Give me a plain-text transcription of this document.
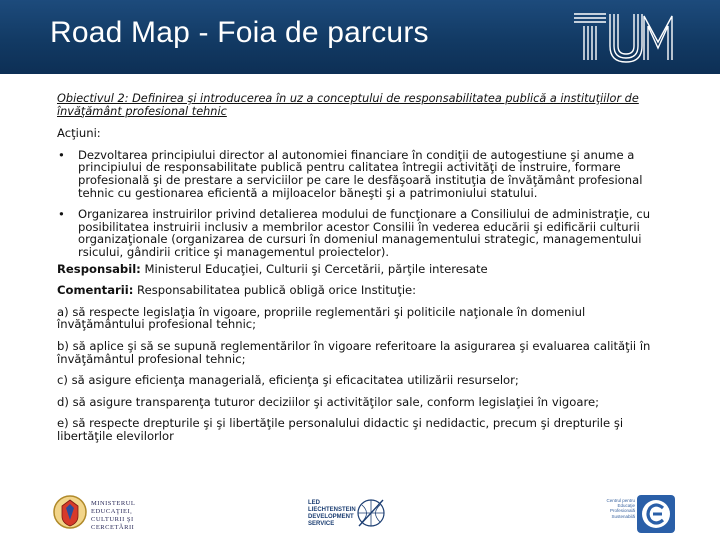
Road Map - Foia de parcurs

Obiectivul 2: Definirea şi introducerea în uz a conceptului de responsabilitatea publică a instituţiilor de învăţământ profesional tehnic

Acţiuni:

• Dezvoltarea principiului director al autonomiei financiare în condiţii de autogestiune şi anume a principiului de responsabilitate publică pentru calitatea întregii activităţi de instruire, formare profesională şi de prestare a serviciilor pe care le desfăşoară instituţia de învăţământ profesional tehnic cu gestionarea eficientă a mijloacelor băneşti şi a patrimoniului statului.
• Organizarea instruirilor privind detalierea modului de funcţionare a Consiliului de administraţie, cu posibilitatea instruirii inclusiv a membrilor acestor Consilii în vederea educării şi edificării culturii organizaţionale (organizarea de cursuri în domeniul managementului strategic, managementului rsicului, gândirii critice şi managementul proiectelor).

Responsabil: Ministerul Educaţiei, Culturii şi Cercetării, părţile interesate

Comentarii: Responsabilitatea publică obligă orice Instituţie:

a) să respecte legislaţia în vigoare, propriile reglementări şi politicile naţionale în domeniul învăţământului profesional tehnic;

b) să aplice şi să se supună reglementărilor în vigoare referitoare la asigurarea şi evaluarea calităţii în învăţământul profesional tehnic;

c) să asigure eficienţa managerială, eficienţa şi eficacitatea utilizării resurselor;

d) să asigure transparenţa tuturor deciziilor şi activităţilor sale, conform legislaţiei în vigoare;

e) să respecte drepturile şi şi libertăţile personalului didactic şi nedidactic, precum şi drepturile şi libertăţile elevilorlor

MINISTERUL EDUCAŢIEI, CULTURII ŞI CERCETĂRII
LED LIECHTENSTEIN DEVELOPMENT SERVICE
Centrul pentru Educaţie Profesională Sustenabilă
